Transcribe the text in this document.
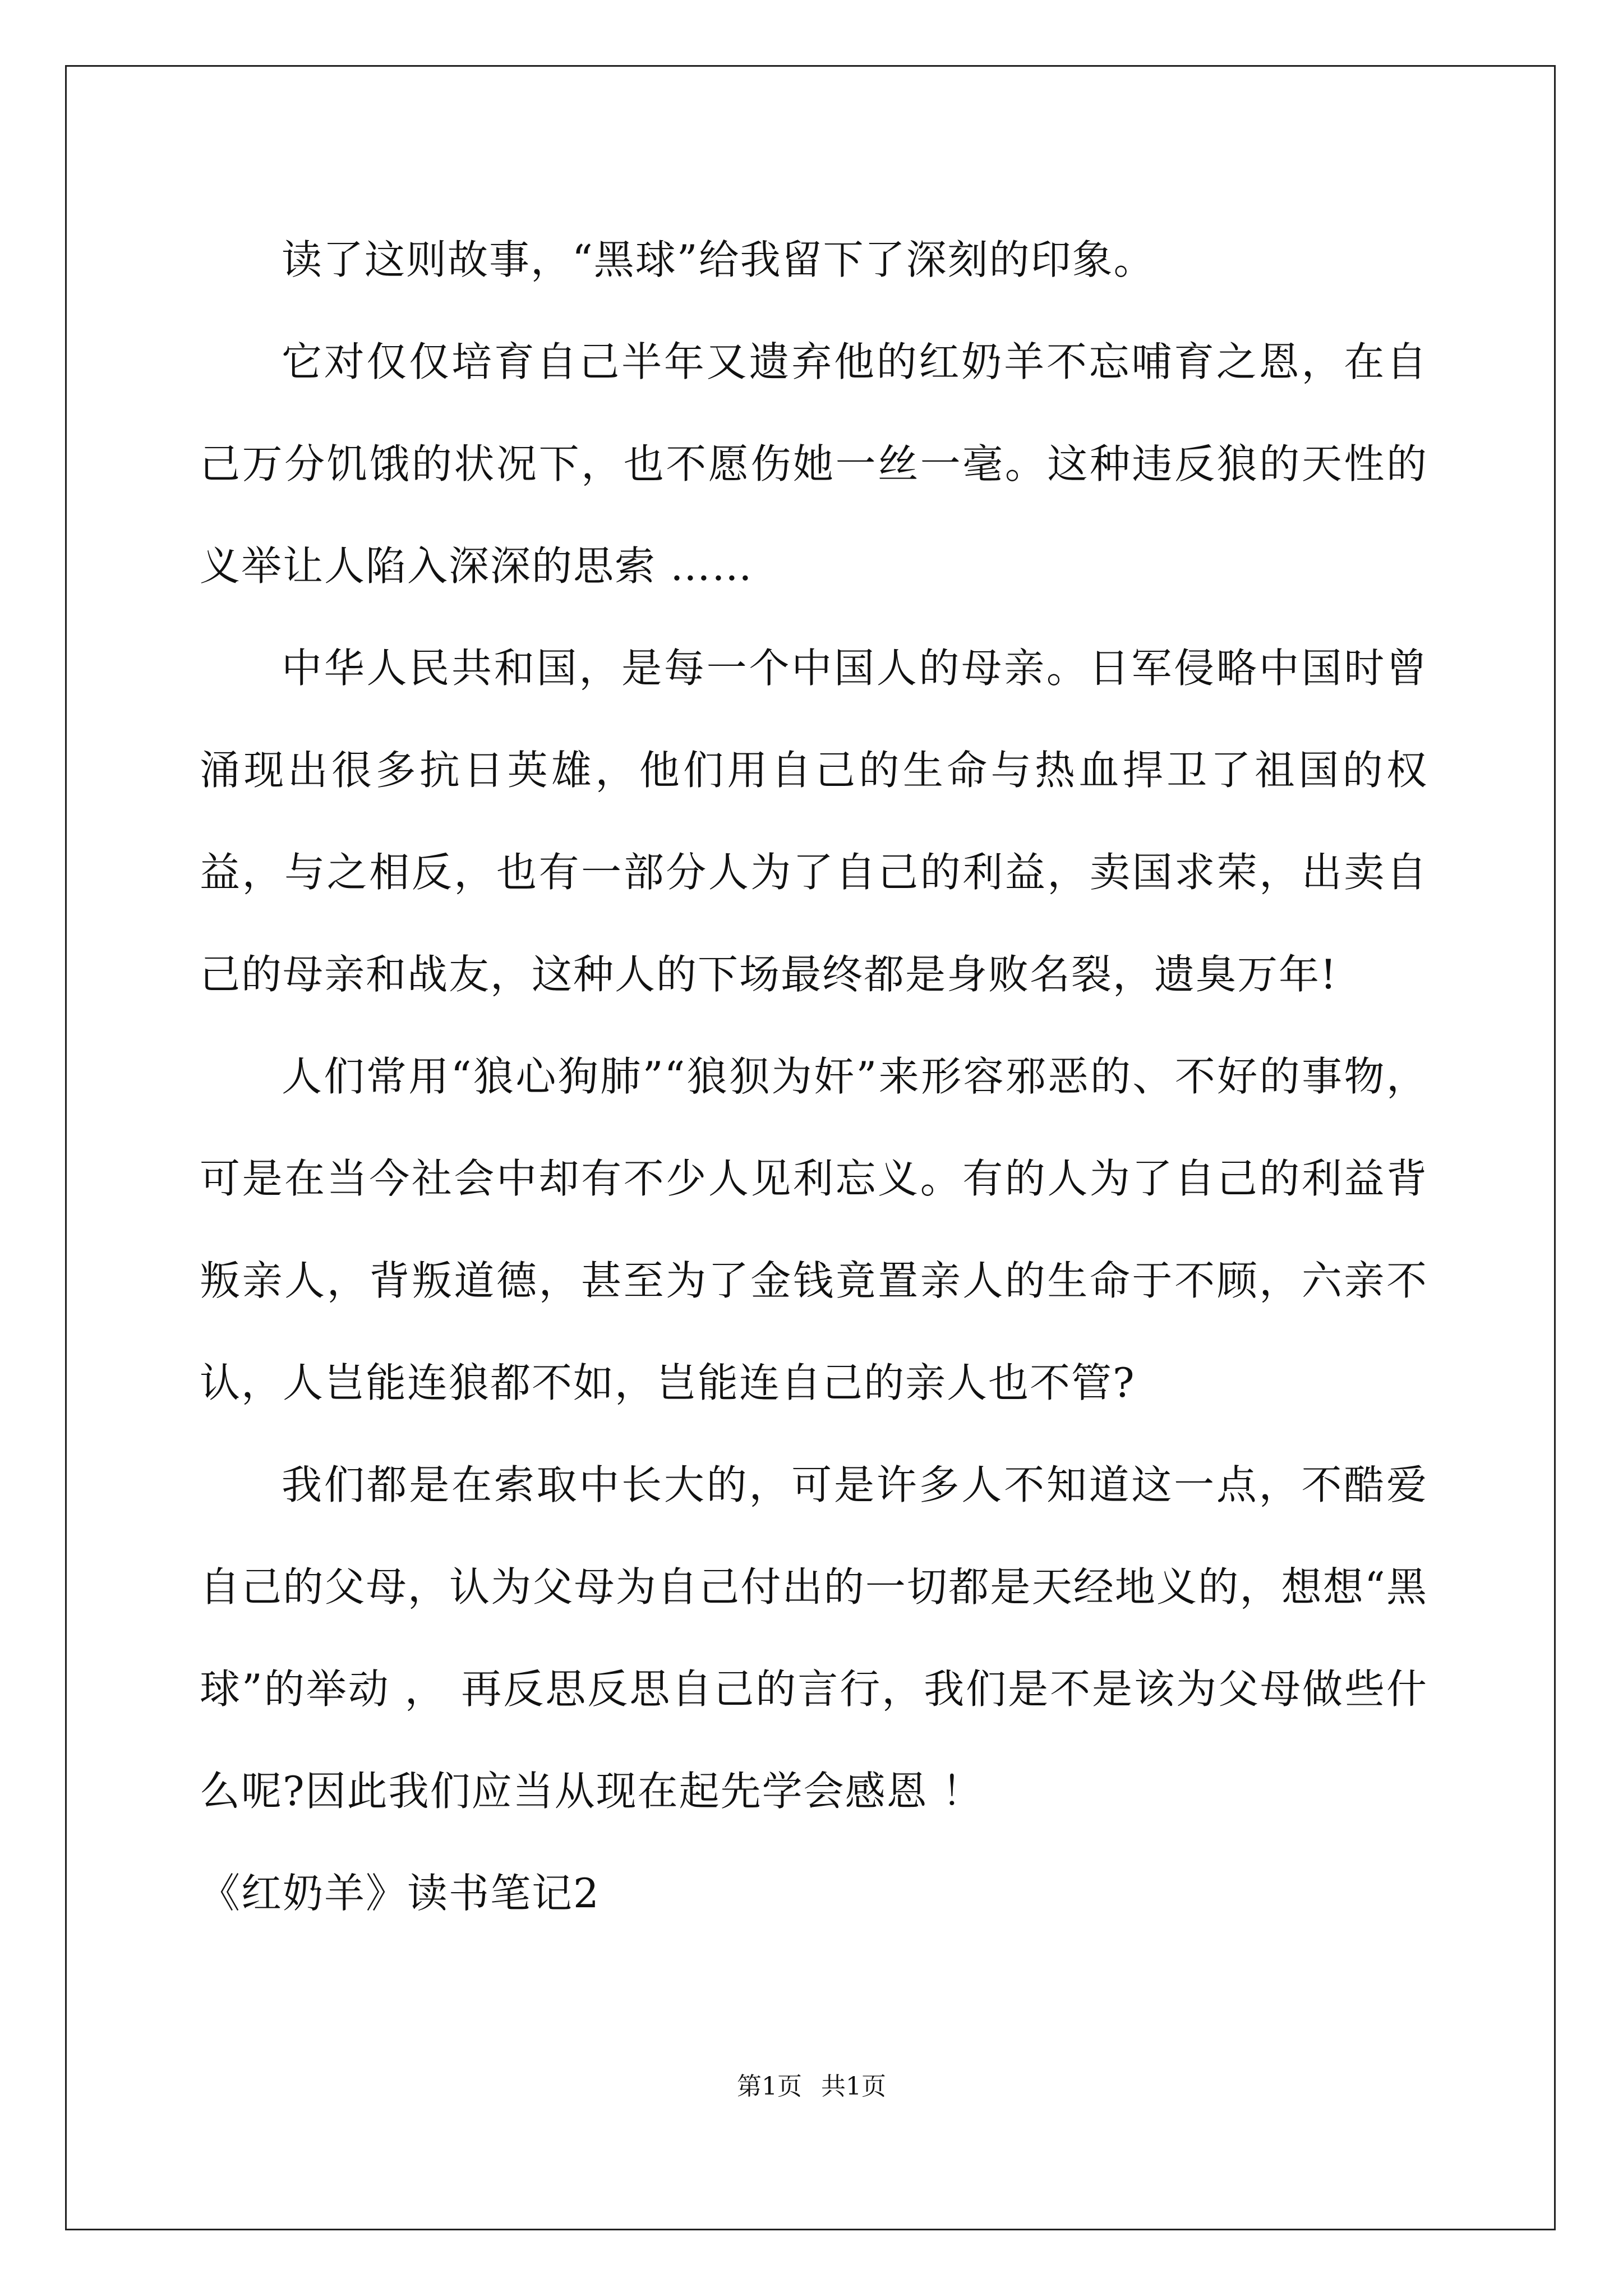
读了这则故事，“黑球”给我留下了深刻的印象。

它对仅仅培育自己半年又遗弃他的红奶羊不忘哺育之恩，在自己万分饥饿的状况下，也不愿伤她一丝一毫。这种违反狼的天性的义举让人陷入深深的思索 ……

中华人民共和国，是每一个中国人的母亲。日军侵略中国时曾涌现出很多抗日英雄，他们用自己的生命与热血捍卫了祖国的权益，与之相反，也有一部分人为了自己的利益，卖国求荣，出卖自己的母亲和战友，这种人的下场最终都是身败名裂，遗臭万年!

人们常用“狼心狗肺”“狼狈为奸”来形容邪恶的、不好的事物，可是在当今社会中却有不少人见利忘义。有的人为了自己的利益背叛亲人，背叛道德，甚至为了金钱竟置亲人的生命于不顾，六亲不认，人岂能连狼都不如，岂能连自己的亲人也不管?

我们都是在索取中长大的，可是许多人不知道这一点，不酷爱自己的父母，认为父母为自己付出的一切都是天经地义的，想想“黑球”的举动 ， 再反思反思自己的言行，我们是不是该为父母做些什么呢?因此我们应当从现在起先学会感恩 ！

《红奶羊》读书笔记2

第1页 共1页
